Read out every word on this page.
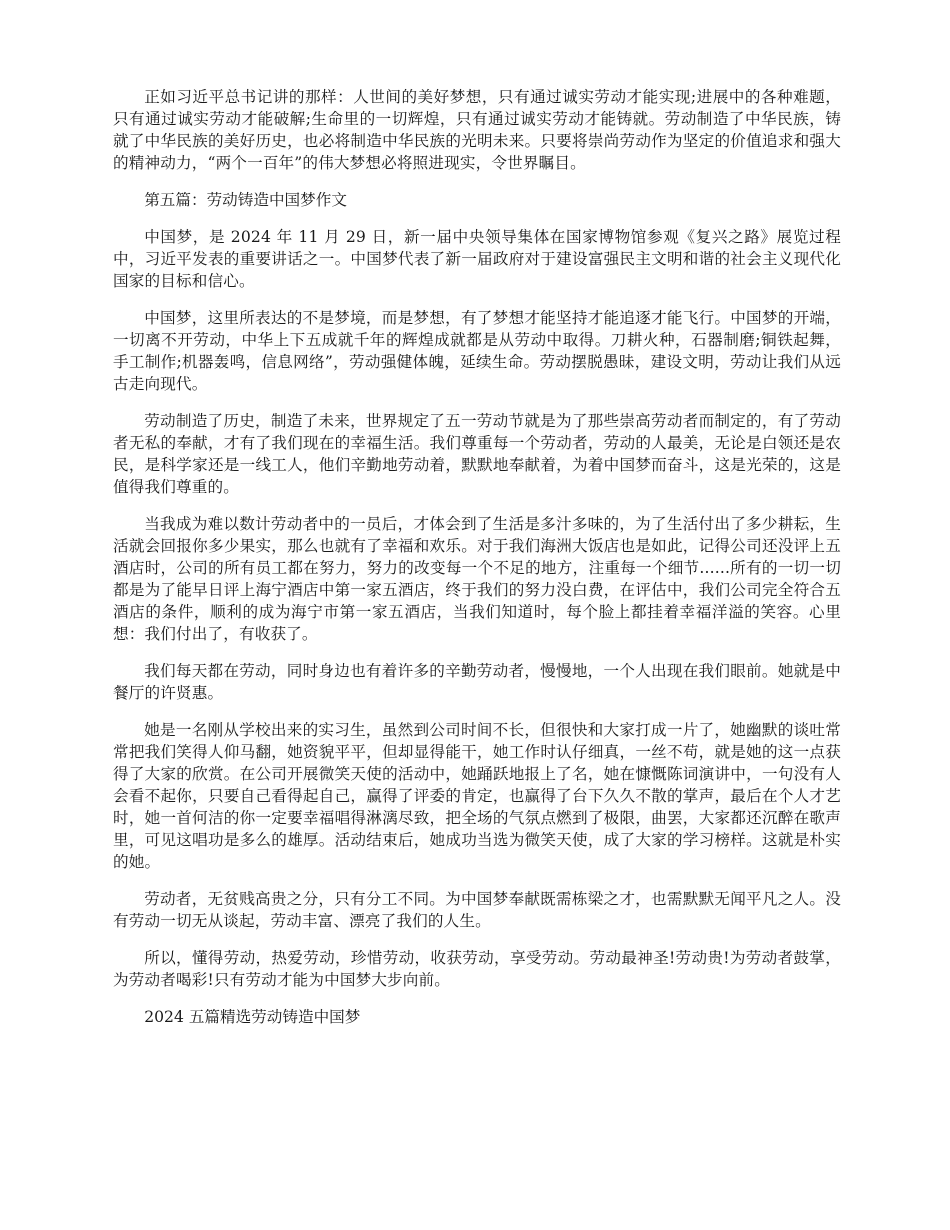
正如习近平总书记讲的那样：人世间的美好梦想，只有通过诚实劳动才能实现;进展中的各种难题，只有通过诚实劳动才能破解;生命里的一切辉煌，只有通过诚实劳动才能铸就。劳动制造了中华民族，铸就了中华民族的美好历史，也必将制造中华民族的光明未来。只要将崇尚劳动作为坚定的价值追求和强大的精神动力，“两个一百年”的伟大梦想必将照进现实，令世界瞩目。

第五篇：劳动铸造中国梦作文

中国梦，是 2024 年 11 月 29 日，新一届中央领导集体在国家博物馆参观《复兴之路》展览过程中，习近平发表的重要讲话之一。中国梦代表了新一届政府对于建设富强民主文明和谐的社会主义现代化国家的目标和信心。

中国梦，这里所表达的不是梦境，而是梦想，有了梦想才能坚持才能追逐才能飞行。中国梦的开端，一切离不开劳动，中华上下五成就千年的辉煌成就都是从劳动中取得。刀耕火种，石器制磨;铜铁起舞，手工制作;机器轰鸣，信息网络”，劳动强健体魄，延续生命。劳动摆脱愚昧，建设文明，劳动让我们从远古走向现代。

劳动制造了历史，制造了未来，世界规定了五一劳动节就是为了那些崇高劳动者而制定的，有了劳动者无私的奉献，才有了我们现在的幸福生活。我们尊重每一个劳动者，劳动的人最美，无论是白领还是农民，是科学家还是一线工人，他们辛勤地劳动着，默默地奉献着，为着中国梦而奋斗，这是光荣的，这是值得我们尊重的。

当我成为难以数计劳动者中的一员后，才体会到了生活是多汁多味的，为了生活付出了多少耕耘，生活就会回报你多少果实，那么也就有了幸福和欢乐。对于我们海洲大饭店也是如此，记得公司还没评上五酒店时，公司的所有员工都在努力，努力的改变每一个不足的地方，注重每一个细节......所有的一切一切都是为了能早日评上海宁酒店中第一家五酒店，终于我们的努力没白费，在评估中，我们公司完全符合五酒店的条件，顺利的成为海宁市第一家五酒店，当我们知道时，每个脸上都挂着幸福洋溢的笑容。心里想：我们付出了，有收获了。

我们每天都在劳动，同时身边也有着许多的辛勤劳动者，慢慢地，一个人出现在我们眼前。她就是中餐厅的许贤惠。

她是一名刚从学校出来的实习生，虽然到公司时间不长，但很快和大家打成一片了，她幽默的谈吐常常把我们笑得人仰马翻，她资貌平平，但却显得能干，她工作时认仔细真，一丝不苟，就是她的这一点获得了大家的欣赏。在公司开展微笑天使的活动中，她踊跃地报上了名，她在慷慨陈词演讲中，一句没有人会看不起你，只要自己看得起自己，赢得了评委的肯定，也赢得了台下久久不散的掌声，最后在个人才艺时，她一首何洁的你一定要幸福唱得淋漓尽致，把全场的气氛点燃到了极限，曲罢，大家都还沉醉在歌声里，可见这唱功是多么的雄厚。活动结束后，她成功当选为微笑天使，成了大家的学习榜样。这就是朴实的她。

劳动者，无贫贱高贵之分，只有分工不同。为中国梦奉献既需栋梁之才，也需默默无闻平凡之人。没有劳动一切无从谈起，劳动丰富、漂亮了我们的人生。

所以，懂得劳动，热爱劳动，珍惜劳动，收获劳动，享受劳动。劳动最神圣!劳动贵!为劳动者鼓掌，为劳动者喝彩!只有劳动才能为中国梦大步向前。

2024 五篇精选劳动铸造中国梦
